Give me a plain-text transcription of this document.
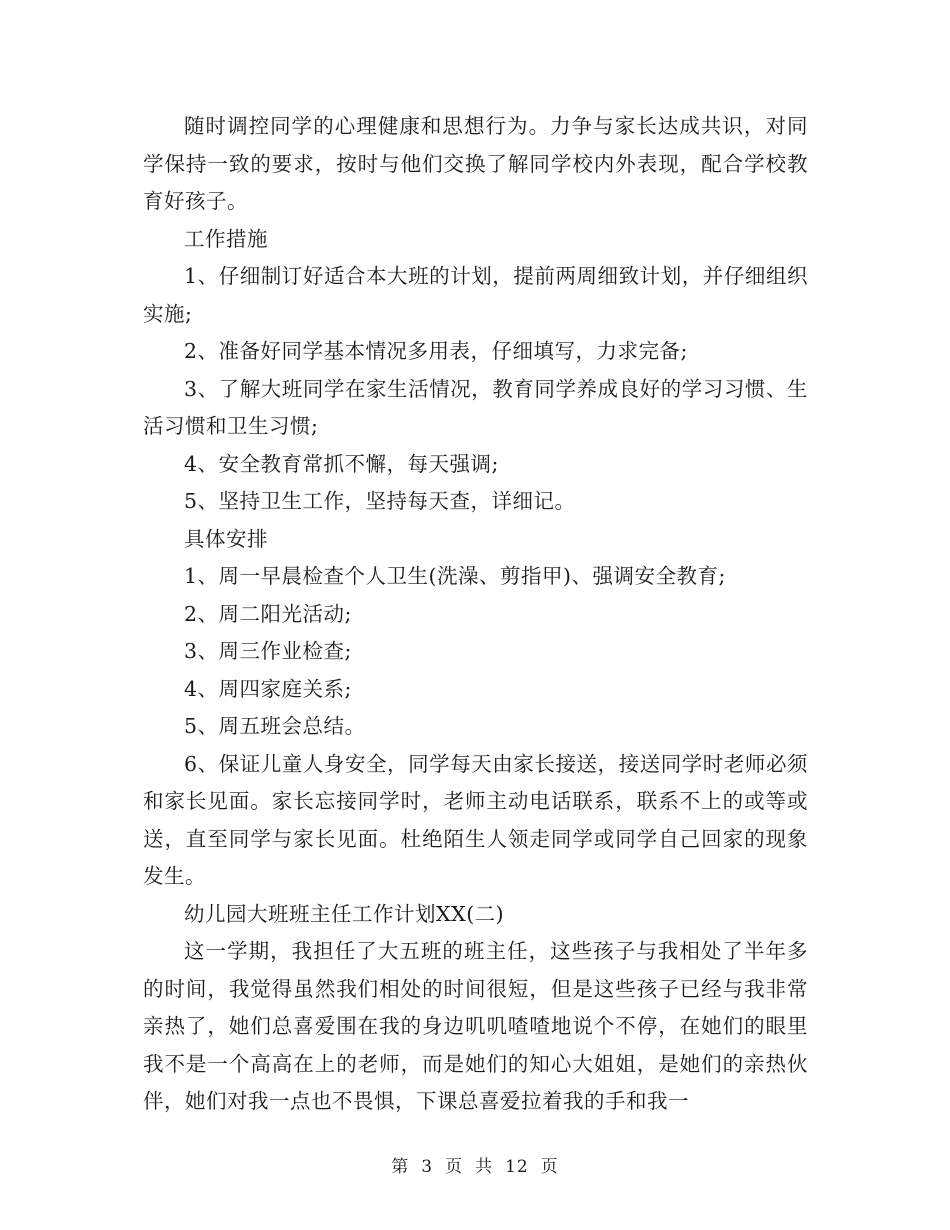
随时调控同学的心理健康和思想行为。力争与家长达成共识，对同学保持一致的要求，按时与他们交换了解同学校内外表现，配合学校教育好孩子。

工作措施

1、仔细制订好适合本大班的计划，提前两周细致计划，并仔细组织实施;

2、准备好同学基本情况多用表，仔细填写，力求完备;

3、了解大班同学在家生活情况，教育同学养成良好的学习习惯、生活习惯和卫生习惯;

4、安全教育常抓不懈，每天强调;

5、坚持卫生工作，坚持每天查，详细记。

具体安排

1、周一早晨检查个人卫生(洗澡、剪指甲)、强调安全教育;

2、周二阳光活动;

3、周三作业检查;

4、周四家庭关系;

5、周五班会总结。

6、保证儿童人身安全，同学每天由家长接送，接送同学时老师必须和家长见面。家长忘接同学时，老师主动电话联系，联系不上的或等或送，直至同学与家长见面。杜绝陌生人领走同学或同学自己回家的现象发生。

幼儿园大班班主任工作计划XX(二)

这一学期，我担任了大五班的班主任，这些孩子与我相处了半年多的时间，我觉得虽然我们相处的时间很短，但是这些孩子已经与我非常亲热了，她们总喜爱围在我的身边叽叽喳喳地说个不停，在她们的眼里我不是一个高高在上的老师，而是她们的知心大姐姐，是她们的亲热伙伴，她们对我一点也不畏惧，下课总喜爱拉着我的手和我一

第 3 页 共 12 页
